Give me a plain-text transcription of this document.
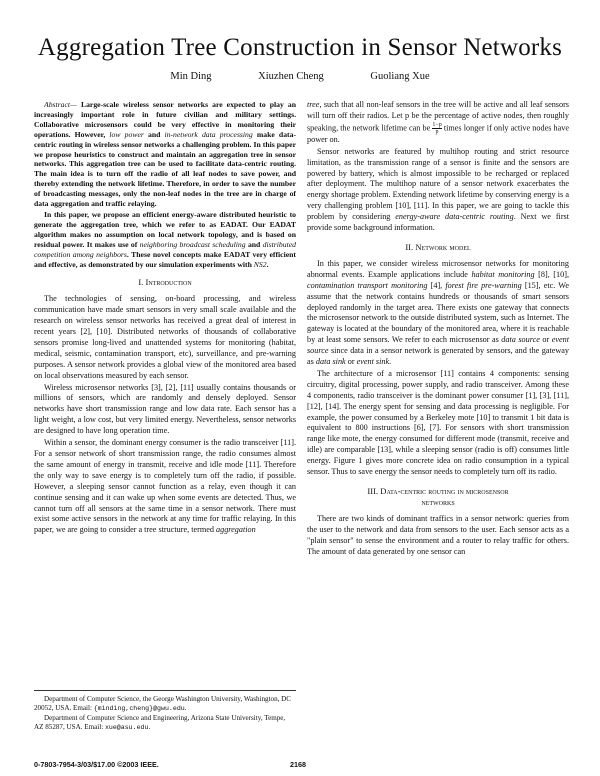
Aggregation Tree Construction in Sensor Networks
Min Ding	Xiuzhen Cheng	Guoliang Xue

Abstract— Large-scale wireless sensor networks are expected to play an increasingly important role in future civilian and military settings. Collaborative microsensors could be very effective in monitoring their operations. However, low power and in-network data processing make data-centric routing in wireless sensor networks a challenging problem. In this paper we propose heuristics to construct and maintain an aggregation tree in sensor networks. This aggregation tree can be used to facilitate data-centric routing. The main idea is to turn off the radio of all leaf nodes to save power, and thereby extending the network lifetime. Therefore, in order to save the number of broadcasting messages, only the non-leaf nodes in the tree are in charge of data aggregation and traffic relaying.

In this paper, we propose an efficient energy-aware distributed heuristic to generate the aggregation tree, which we refer to as EADAT. Our EADAT algorithm makes no assumption on local network topology, and is based on residual power. It makes use of neighboring broadcast scheduling and distributed competition among neighbors. These novel concepts make EADAT very efficient and effective, as demonstrated by our simulation experiments with NS2.

I. Introduction

The technologies of sensing, on-board processing, and wireless communication have made smart sensors in very small scale available and the research on wireless sensor networks has received a great deal of interest in recent years [2], [10]. Distributed networks of thousands of collaborative sensors promise long-lived and unattended systems for monitoring (habitat, medical, seismic, contamination transport, etc), surveillance, and pre-warning purposes. A sensor network provides a global view of the monitored area based on local observations measured by each sensor.

Wireless microsensor networks [3], [2], [11] usually contains thousands or millions of sensors, which are randomly and densely deployed. Sensor networks have short transmission range and low data rate. Each sensor has a light weight, a low cost, but very limited energy. Nevertheless, sensor networks are designed to have long operation time.

Within a sensor, the dominant energy consumer is the radio transceiver [11]. For a sensor network of short transmission range, the radio consumes almost the same amount of energy in transmit, receive and idle mode [11]. Therefore the only way to save energy is to completely turn off the radio, if possible. However, a sleeping sensor cannot function as a relay, even though it can continue sensing and it can wake up when some events are detected. Thus, we cannot turn off all sensors at the same time in a sensor network. There must exist some active sensors in the network at any time for traffic relaying. In this paper, we are going to consider a tree structure, termed aggregation

Department of Computer Science, the George Washington University, Washington, DC 20052, USA. Email: {minding,cheng}@gwu.edu.

Department of Computer Science and Engineering, Arizona State University, Tempe, AZ 85287, USA. Email: xue@asu.edu.

tree, such that all non-leaf sensors in the tree will be active and all leaf sensors will turn off their radios. Let p be the percentage of active nodes, then roughly speaking, the network lifetime can be $\frac{1-p}{p}$ times longer if only active nodes have power on.

Sensor networks are featured by multihop routing and strict resource limitation, as the transmission range of a sensor is finite and the sensors are powered by battery, which is almost impossible to be recharged or replaced after deployment. The multihop nature of a sensor network exacerbates the energy shortage problem. Extending network lifetime by conserving energy is a very challenging problem [10], [11]. In this paper, we are going to tackle this problem by considering energy-aware data-centric routing. Next we first provide some background information.

II. Network model

In this paper, we consider wireless microsensor networks for monitoring abnormal events. Example applications include habitat monitoring [8], [10], contamination transport monitoring [4], forest fire pre-warning [15], etc. We assume that the network contains hundreds or thousands of smart sensors deployed randomly in the target area. There exists one gateway that connects the microsensor network to the outside distributed system, such as Internet. The gateway is located at the boundary of the monitored area, where it is reachable by at least some sensors. We refer to each microsensor as data source or event source since data in a sensor network is generated by sensors, and the gateway as data sink or event sink.

The architecture of a microsensor [11] contains 4 components: sensing circuitry, digital processing, power supply, and radio transceiver. Among these 4 components, radio transceiver is the dominant power consumer [1], [3], [11], [12], [14]. The energy spent for sensing and data processing is negligible. For example, the power consumed by a Berkeley mote [10] to transmit 1 bit data is equivalent to 800 instructions [6], [7]. For sensors with short transmission range like mote, the energy consumed for different mode (transmit, receive and idle) are comparable [13], while a sleeping sensor (radio is off) consumes little energy. Figure 1 gives more concrete idea on radio consumption in a typical sensor. Thus to save energy the sensor needs to completely turn off its radio.

III. Data-centric routing in microsensor
networks

There are two kinds of dominant traffics in a sensor network: queries from the user to the network and data from sensors to the user. Each sensor acts as a "plain sensor" to sense the environment and a router to relay traffic for others. The amount of data generated by one sensor can

0-7803-7954-3/03/$17.00 ©2003 IEEE.	2168
